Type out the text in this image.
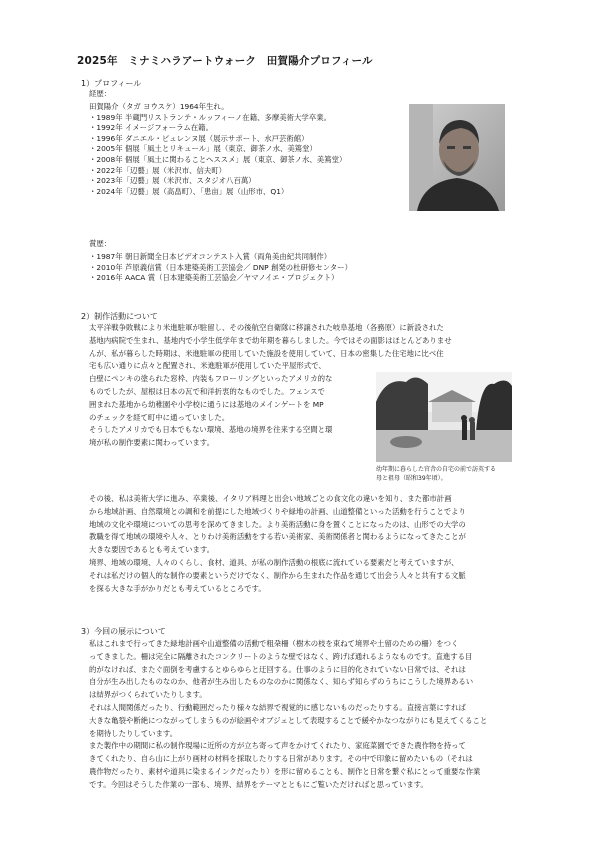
2025年　ミナミハラアートウォーク　田賀陽介プロフィール
1）プロフィール
経歴：
田賀陽介（タガ ヨウスケ）1964年生れ。
・1989年 半蔵門リストランテ・ルッフィーノ在籍、多摩美術大学卒業。
・1992年 イメージフォーラム在籍。
・1996年 ダニエル・ビュレンヌ展（展示サポート、水戸芸術館）
・2005年 個展「風土とリキュール」展（東京、御茶ノ水、美篶堂）
・2008年 個展「風土に関わることへススメ」展（東京、御茶ノ水、美篶堂）
・2022年「辺藝」展（米沢市、信夫町）
・2023年「辺藝」展（米沢市、スタジオ八百萬）
・2024年「辺藝」展（高畠町）、「患亩」展（山形市、Q1）
賞歴：
・1987年 朝日新聞全日本ビデオコンテスト入賞（両角美由紀共同制作）
・2010年 芦原義信賞（日本建築美術工芸協会／ DNP 創発の杜研修センター）
・2016年 AACA 賞（日本建築美術工芸協会／ヤマノイエ・プロジェクト）
2）制作活動について
太平洋戦争敗戦により米進駐軍が駐留し、その後航空自衛隊に移譲された岐阜基地（各務原）に新設された
基地内病院で生まれ、基地内で小学生低学年まで幼年期を暮らしました。今ではその面影はほとんどありませ
んが、私が暮らした時期は、米進駐軍の使用していた施設を使用していて、日本の密集した住宅地に比べ住
宅も広い通りに点々と配置され、米進駐軍が使用していた平屋形式で、
白壁にペンキの塗られた窓枠、内装もフローリングといったアメリカ的な
ものでしたが、屋根は日本の瓦で和洋折衷的なものでした。フェンスで
囲まれた基地から幼稚園や小学校に通うには基地のメインゲートを MP
のチェックを経て町中に通っていました。
そうしたアメリカでも日本でもない環境、基地の境界を往来する空間と環
境が私の制作要素に関わっています。
幼年期に暮らした官舎の自宅の前で訪英する
母と祖母（昭和39年頃）。
その後、私は美術大学に進み、卒業後、イタリア料理と出会い地域ごとの食文化の違いを知り、また都市計画
から地域計画、自然環境との調和を前提にした地域づくりや緑地の計画、山道整備といった活動を行うことでより
地域の文化や環境についての思考を深めてきました。より美術活動に身を置くことになったのは、山形での大学の
教職を得て地域の環境や人々、とりわけ美術活動をする若い美術家、美術関係者と関わるようになってきたことが
大きな要因であるとも考えています。
境界、地域の環境、人々のくらし、食材、道具、が私の制作活動の根底に流れている要素だと考えていますが、
それは私だけの個人的な制作の要素というだけでなく、制作から生まれた作品を通じて出会う人々と共有する文脈
を探る大きな手がかりだとも考えているところです。
3）今回の展示について
私はこれまで行ってきた緑地計画や山道整備の活動で粗朶柵（樹木の枝を束ねて境界や土留のための柵）をつく
ってきました。柵は完全に隔離されたコンクリートのような壁ではなく、跨げば通れるようなものです。直進する目
的がなければ、またぐ面倒を考慮するとゆらゆらと迂回する。仕事のように目的化されていない日常では、それは
自分が生み出したものなのか、他者が生み出したものなのかに関係なく、知らず知らずのうちにこうした境界あるい
は結界がつくられていたりします。
それは人間関係だったり、行動範囲だったり様々な結界で視覚的に感じないものだったりする。直接言葉にすれば
大きな亀裂や断絶につながってしまうものが絵画やオブジェとして表現することで緩やかなつながりにも見えてくること
を期待したりしています。
また製作中の期間に私の制作現場に近所の方が立ち寄って声をかけてくれたり、家庭菜園でできた農作物を持って
きてくれたり、自ら山に上がり画材の材料を採取したりする日常があります。その中で印象に留めたいもの（それは
農作物だったり、素材や道具に染まるインクだったり）を形に留めることも、制作と日常を繋ぐ私にとって重要な作業
です。今回はそうした作業の一部も、境界、結界をテーマとともにご覧いただければと思っています。
